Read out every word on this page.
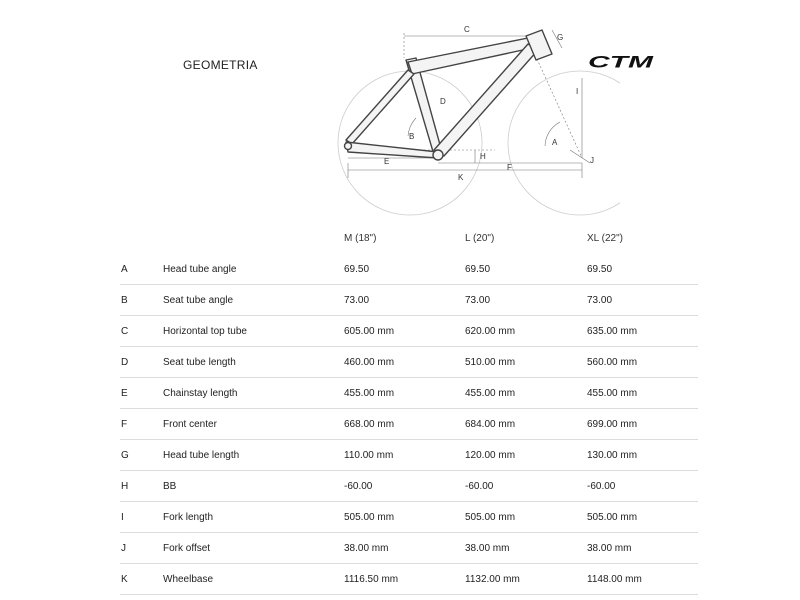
GEOMETRIA	CTM
C
G
D
B
E
H
F
K
A
I
J
M (18")	L (20")	XL (22")
A	Head tube angle	69.50	69.50	69.50
B	Seat tube angle	73.00	73.00	73.00
C	Horizontal top tube	605.00 mm	620.00 mm	635.00 mm
D	Seat tube length	460.00 mm	510.00 mm	560.00 mm
E	Chainstay length	455.00 mm	455.00 mm	455.00 mm
F	Front center	668.00 mm	684.00 mm	699.00 mm
G	Head tube length	110.00 mm	120.00 mm	130.00 mm
H	BB	-60.00	-60.00	-60.00
I	Fork length	505.00 mm	505.00 mm	505.00 mm
J	Fork offset	38.00 mm	38.00 mm	38.00 mm
K	Wheelbase	1116.50 mm	1132.00 mm	1148.00 mm
